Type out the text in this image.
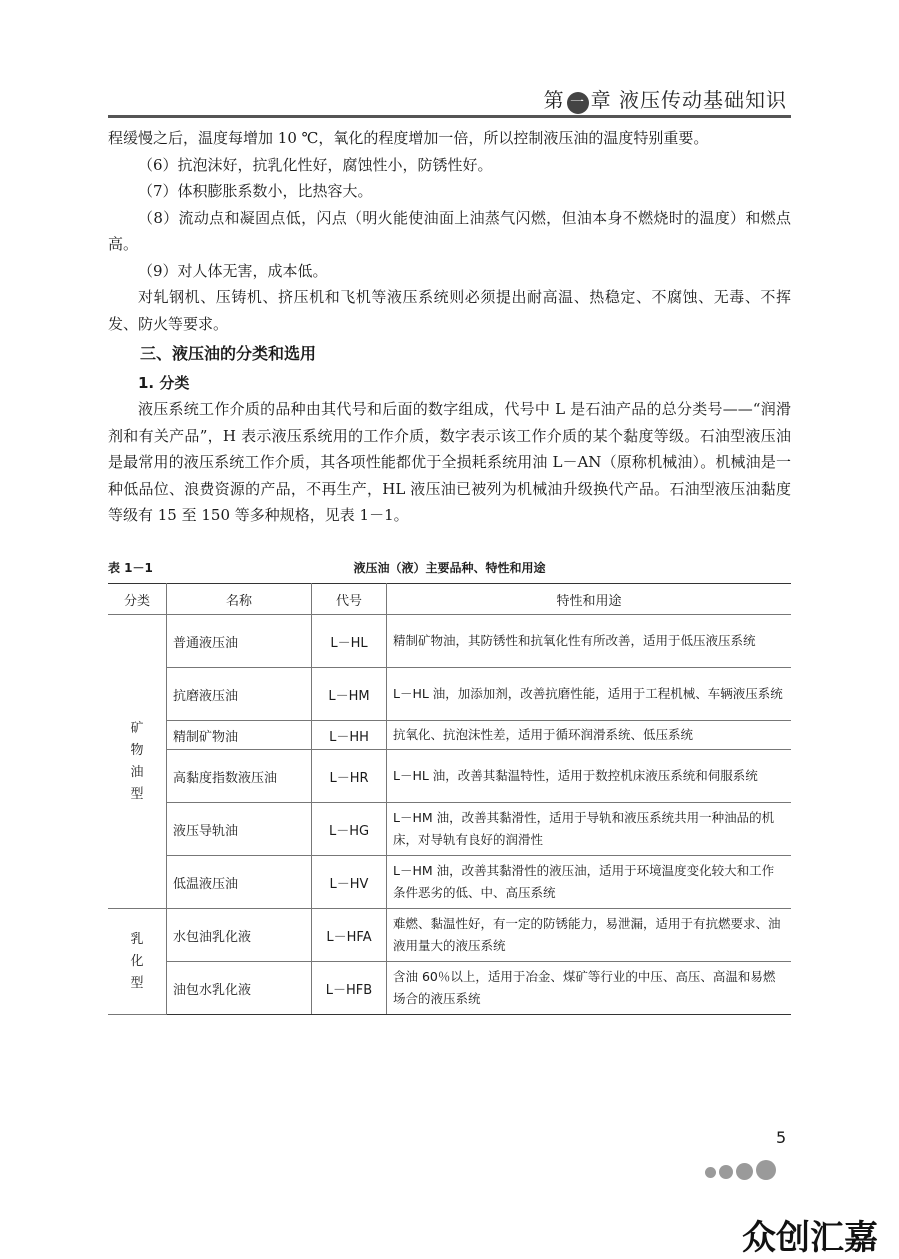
第 一 章 液压传动基础知识

程缓慢之后，温度每增加 10 ℃，氧化的程度增加一倍，所以控制液压油的温度特别重要。

（6）抗泡沫好，抗乳化性好，腐蚀性小，防锈性好。

（7）体积膨胀系数小，比热容大。

（8）流动点和凝固点低，闪点（明火能使油面上油蒸气闪燃，但油本身不燃烧时的温度）和燃点高。

（9）对人体无害，成本低。

对轧钢机、压铸机、挤压机和飞机等液压系统则必须提出耐高温、热稳定、不腐蚀、无毒、不挥发、防火等要求。

三、液压油的分类和选用

1. 分类

液压系统工作介质的品种由其代号和后面的数字组成，代号中 L 是石油产品的总分类号——“润滑剂和有关产品”，H 表示液压系统用的工作介质，数字表示该工作介质的某个黏度等级。石油型液压油是最常用的液压系统工作介质，其各项性能都优于全损耗系统用油 L－AN（原称机械油）。机械油是一种低品位、浪费资源的产品，不再生产，HL 液压油已被列为机械油升级换代产品。石油型液压油黏度等级有 15 至 150 等多种规格，见表 1－1。

表 1－1	液压油（液）主要品种、特性和用途
分类	名称	代号	特性和用途

矿
物
油
型	普通液压油	L－HL	精制矿物油，其防锈性和抗氧化性有所改善，适用于低压液压系统
	抗磨液压油	L－HM	L－HL 油，加添加剂，改善抗磨性能，适用于工程机械、车辆液压系统
	精制矿物油	L－HH	抗氧化、抗泡沫性差，适用于循环润滑系统、低压系统
	高黏度指数液压油	L－HR	L－HL 油，改善其黏温特性，适用于数控机床液压系统和伺服系统
	液压导轨油	L－HG	L－HM 油，改善其黏滑性，适用于导轨和液压系统共用一种油品的机床，对导轨有良好的润滑性
	低温液压油	L－HV	L－HM 油，改善其黏滑性的液压油，适用于环境温度变化较大和工作条件恶劣的低、中、高压系统

乳
化
型	水包油乳化液	L－HFA	难燃、黏温性好，有一定的防锈能力，易泄漏，适用于有抗燃要求、油液用量大的液压系统
	油包水乳化液	L－HFB	含油 60％以上，适用于冶金、煤矿等行业的中压、高压、高温和易燃场合的液压系统
5
众创汇嘉
